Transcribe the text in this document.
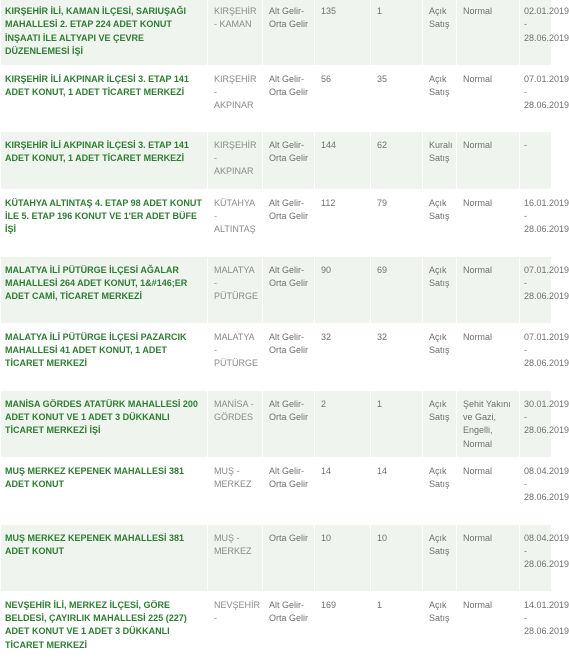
KIRŞEHİR İLİ, KAMAN İLÇESİ, SARIUŞAĞI MAHALLESİ 2. ETAP 224 ADET KONUT İNŞAATI İLE ALTYAPI VE ÇEVRE DÜZENLEMESİ İŞİ	KIRŞEHİR - KAMAN	Alt Gelir-Orta Gelir	135	1	Açık Satış	Normal	02.01.2019 - 28.06.2019
KIRŞEHİR İLİ AKPINAR İLÇESİ 3. ETAP 141 ADET KONUT, 1 ADET TİCARET MERKEZİ	KIRŞEHİR - AKPINAR	Alt Gelir-Orta Gelir	56	35	Açık Satış	Normal	07.01.2019 - 28.06.2019
KIRŞEHİR İLİ AKPINAR İLÇESİ 3. ETAP 141 ADET KONUT, 1 ADET TİCARET MERKEZİ	KIRŞEHİR - AKPINAR	Alt Gelir-Orta Gelir	144	62	Kuralı Satış	Normal	-
KÜTAHYA ALTINTAŞ 4. ETAP 98 ADET KONUT İLE 5. ETAP 196 KONUT VE 1'ER ADET BÜFE İŞİ	KÜTAHYA - ALTINTAŞ	Alt Gelir-Orta Gelir	112	79	Açık Satış	Normal	16.01.2019 - 28.06.2019
MALATYA İLİ PÜTÜRGE İLÇESİ AĞALAR MAHALLESİ 264 ADET KONUT, 1&#146;ER ADET CAMİ, TİCARET MERKEZİ	MALATYA - PÜTÜRGE	Alt Gelir-Orta Gelir	90	69	Açık Satış	Normal	07.01.2019 - 28.06.2019
MALATYA İLİ PÜTÜRGE İLÇESİ PAZARCIK MAHALLESİ 41 ADET KONUT, 1 ADET TİCARET MERKEZİ	MALATYA - PÜTÜRGE	Alt Gelir-Orta Gelir	32	32	Açık Satış	Normal	07.01.2019 - 28.06.2019
MANİSA GÖRDES ATATÜRK MAHALLESİ 200 ADET KONUT VE 1 ADET 3 DÜKKANLI TİCARET MERKEZİ İŞİ	MANİSA - GÖRDES	Alt Gelir-Orta Gelir	2	1	Açık Satış	Şehit Yakını ve Gazi, Engelli, Normal	30.01.2019 - 28.06.2019
MUŞ MERKEZ KEPENEK MAHALLESİ 381 ADET KONUT	MUŞ - MERKEZ	Alt Gelir-Orta Gelir	14	14	Açık Satış	Normal	08.04.2019 - 28.06.2019
MUŞ MERKEZ KEPENEK MAHALLESİ 381 ADET KONUT	MUŞ - MERKEZ	Orta Gelir	10	10	Açık Satış	Normal	08.04.2019 - 28.06.2019
NEVŞEHİR İLİ, MERKEZ İLÇESİ, GÖRE BELDESİ, ÇAYIRLIK MAHALLESİ 225 (227) ADET KONUT VE 1 ADET 3 DÜKKANLI TİCARET MERKEZİ	NEVŞEHİR -	Alt Gelir-Orta Gelir	169	1	Açık Satış	Normal	14.01.2019 - 28.06.2019
